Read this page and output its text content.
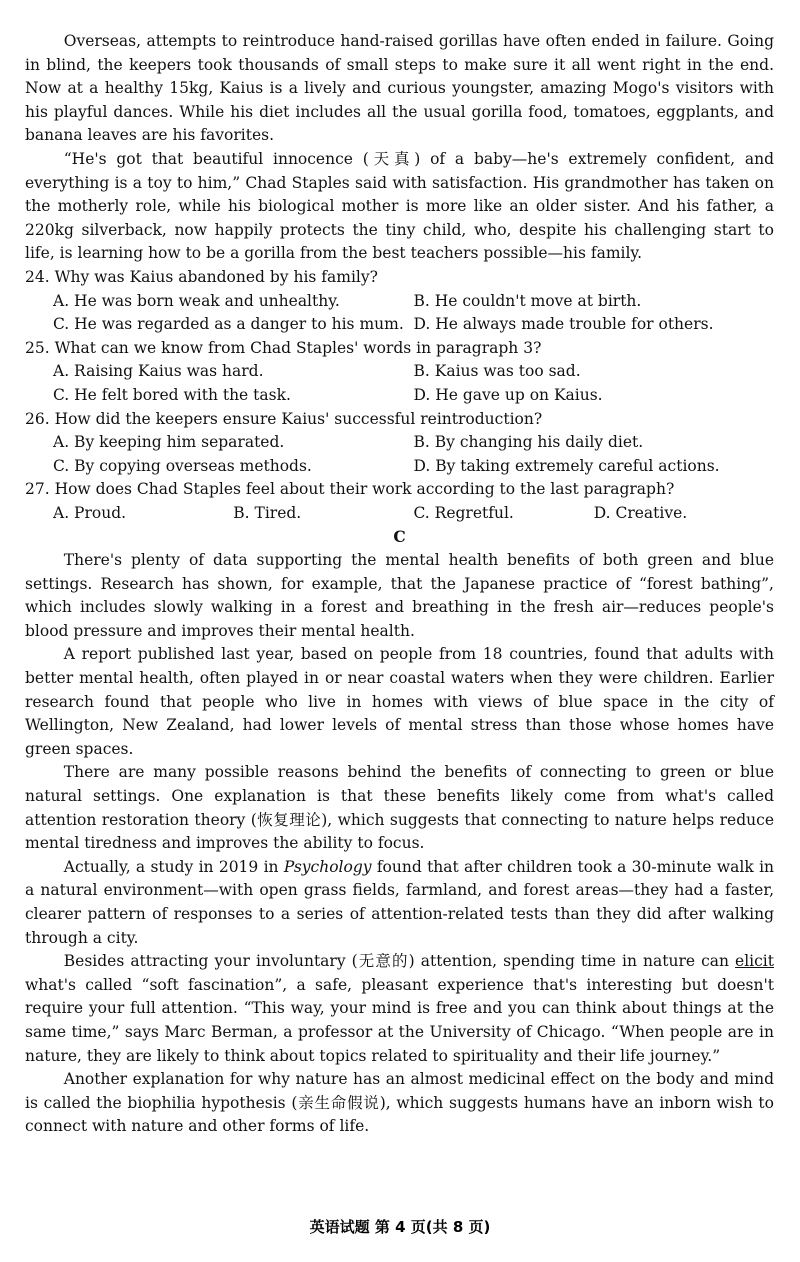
Overseas, attempts to reintroduce hand-raised gorillas have often ended in failure. Going in blind, the keepers took thousands of small steps to make sure it all went right in the end. Now at a healthy 15kg, Kaius is a lively and curious youngster, amazing Mogo's visitors with his playful dances. While his diet includes all the usual gorilla food, tomatoes, eggplants, and banana leaves are his favorites.

“He's got that beautiful innocence (天真) of a baby—he's extremely confident, and everything is a toy to him,” Chad Staples said with satisfaction. His grandmother has taken on the motherly role, while his biological mother is more like an older sister. And his father, a 220kg silverback, now happily protects the tiny child, who, despite his challenging start to life, is learning how to be a gorilla from the best teachers possible—his family.

24. Why was Kaius abandoned by his family?
A. He was born weak and unhealthy.	B. He couldn't move at birth.
C. He was regarded as a danger to his mum. D. He always made trouble for others.
25. What can we know from Chad Staples' words in paragraph 3?
A. Raising Kaius was hard.	B. Kaius was too sad.
C. He felt bored with the task.	D. He gave up on Kaius.
26. How did the keepers ensure Kaius' successful reintroduction?
A. By keeping him separated.	B. By changing his daily diet.
C. By copying overseas methods.	D. By taking extremely careful actions.
27. How does Chad Staples feel about their work according to the last paragraph?
A. Proud.	B. Tired.	C. Regretful.	D. Creative.
C

There's plenty of data supporting the mental health benefits of both green and blue settings. Research has shown, for example, that the Japanese practice of “forest bathing”, which includes slowly walking in a forest and breathing in the fresh air—reduces people's blood pressure and improves their mental health.

A report published last year, based on people from 18 countries, found that adults with better mental health, often played in or near coastal waters when they were children. Earlier research found that people who live in homes with views of blue space in the city of Wellington, New Zealand, had lower levels of mental stress than those whose homes have green spaces.

There are many possible reasons behind the benefits of connecting to green or blue natural settings. One explanation is that these benefits likely come from what's called attention restoration theory (恢复理论), which suggests that connecting to nature helps reduce mental tiredness and improves the ability to focus.

Actually, a study in 2019 in Psychology found that after children took a 30-minute walk in a natural environment—with open grass fields, farmland, and forest areas—they had a faster, clearer pattern of responses to a series of attention-related tests than they did after walking through a city.

Besides attracting your involuntary (无意的) attention, spending time in nature can elicit what's called “soft fascination”, a safe, pleasant experience that's interesting but doesn't require your full attention. “This way, your mind is free and you can think about things at the same time,” says Marc Berman, a professor at the University of Chicago. “When people are in nature, they are likely to think about topics related to spirituality and their life journey.”

Another explanation for why nature has an almost medicinal effect on the body and mind is called the biophilia hypothesis (亲生命假说), which suggests humans have an inborn wish to connect with nature and other forms of life.

英语试题 第 4 页(共 8 页)
